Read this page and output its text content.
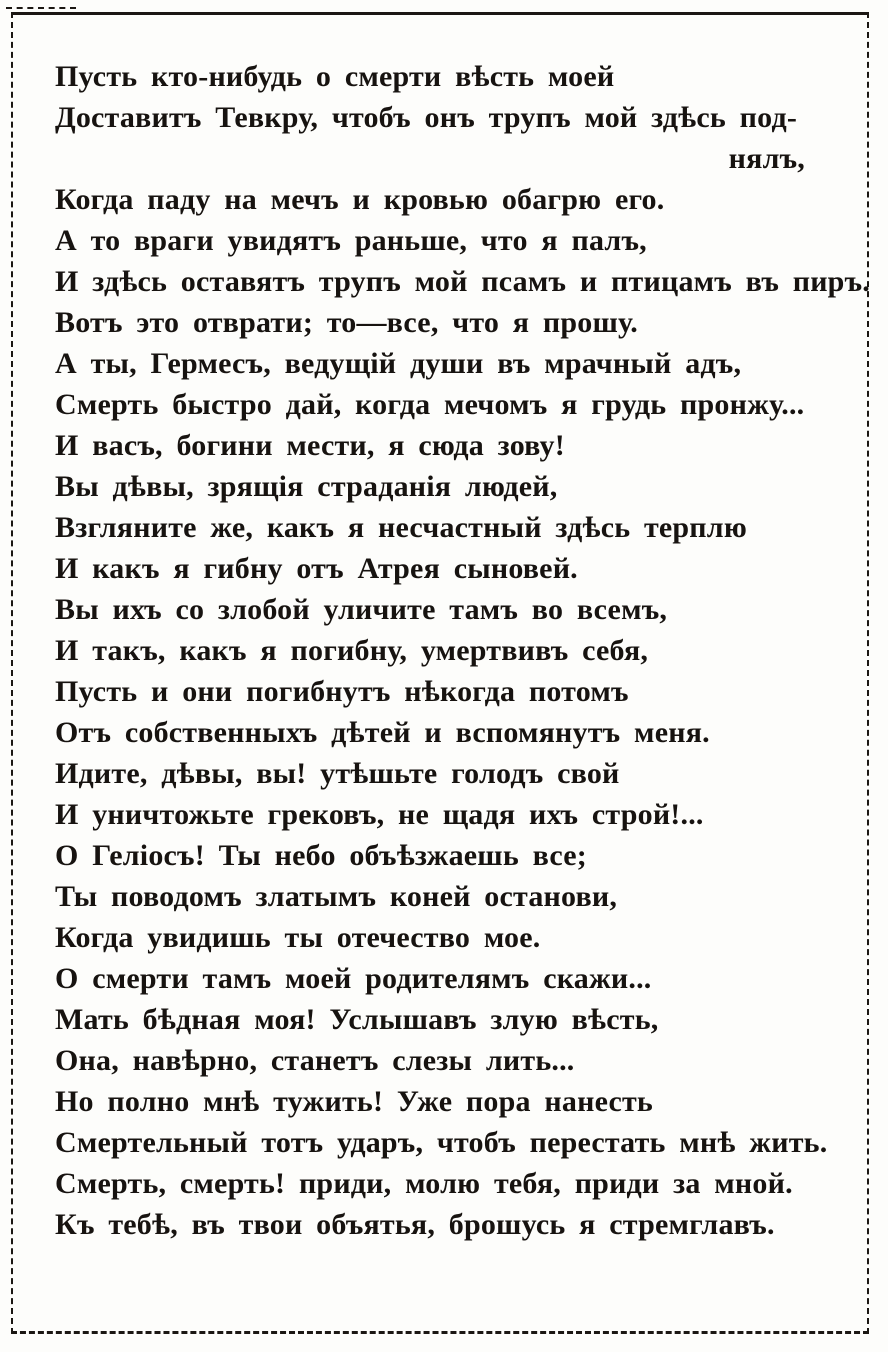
Пусть кто-нибудь о смерти вѣсть моей
Доставитъ Тевкру, чтобъ онъ трупъ мой здѣсь под-
нялъ,
Когда паду на мечъ и кровью обагрю его.
А то враги увидятъ раньше, что я палъ,
И здѣсь оставятъ трупъ мой псамъ и птицамъ въ пиръ.
Вотъ это отврати; то—все, что я прошу.
А ты, Гермесъ, ведущій души въ мрачный адъ,
Смерть быстро дай, когда мечомъ я грудь пронжу...
И васъ, богини мести, я сюда зову!
Вы дѣвы, зрящія страданія людей,
Взгляните же, какъ я несчастный здѣсь терплю
И какъ я гибну отъ Атрея сыновей.
Вы ихъ со злобой уличите тамъ во всемъ,
И такъ, какъ я погибну, умертвивъ себя,
Пусть и они погибнутъ нѣкогда потомъ
Отъ собственныхъ дѣтей и вспомянутъ меня.
Идите, дѣвы, вы! утѣшьте голодъ свой
И уничтожьте грековъ, не щадя ихъ строй!...
О Геліосъ! Ты небо объѣзжаешь все;
Ты поводомъ златымъ коней останови,
Когда увидишь ты отечество мое.
О смерти тамъ моей родителямъ скажи...
Мать бѣдная моя! Услышавъ злую вѣсть,
Она, навѣрно, станетъ слезы лить...
Но полно мнѣ тужить! Уже пора нанесть
Смертельный тотъ ударъ, чтобъ перестать мнѣ жить.
Смерть, смерть! приди, молю тебя, приди за мной.
Къ тебѣ, въ твои объятья, брошусь я стремглавъ.
